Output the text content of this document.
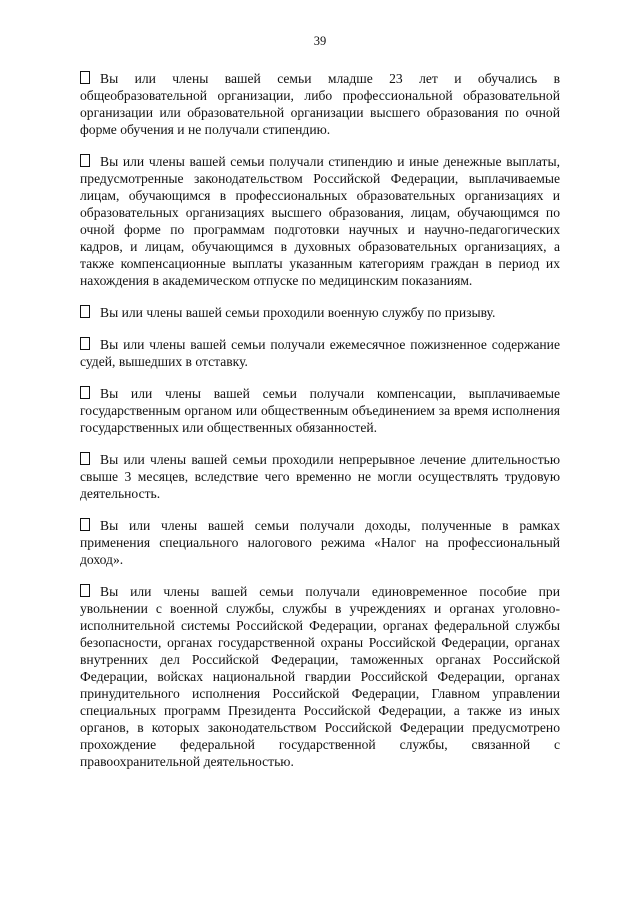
39

Вы или члены вашей семьи младше 23 лет и обучались в общеобразовательной организации, либо профессиональной образовательной организации или образовательной организации высшего образования по очной форме обучения и не получали стипендию.

Вы или члены вашей семьи получали стипендию и иные денежные выплаты, предусмотренные законодательством Российской Федерации, выплачиваемые лицам, обучающимся в профессиональных образовательных организациях и образовательных организациях высшего образования, лицам, обучающимся по очной форме по программам подготовки научных и научно-педагогических кадров, и лицам, обучающимся в духовных образовательных организациях, а также компенсационные выплаты указанным категориям граждан в период их нахождения в академическом отпуске по медицинским показаниям.

Вы или члены вашей семьи проходили военную службу по призыву.

Вы или члены вашей семьи получали ежемесячное пожизненное содержание судей, вышедших в отставку.

Вы или члены вашей семьи получали компенсации, выплачиваемые государственным органом или общественным объединением за время исполнения государственных или общественных обязанностей.

Вы или члены вашей семьи проходили непрерывное лечение длительностью свыше 3 месяцев, вследствие чего временно не могли осуществлять трудовую деятельность.

Вы или члены вашей семьи получали доходы, полученные в рамках применения специального налогового режима «Налог на профессиональный доход».

Вы или члены вашей семьи получали единовременное пособие при увольнении с военной службы, службы в учреждениях и органах уголовно-исполнительной системы Российской Федерации, органах федеральной службы безопасности, органах государственной охраны Российской Федерации, органах внутренних дел Российской Федерации, таможенных органах Российской Федерации, войсках национальной гвардии Российской Федерации, органах принудительного исполнения Российской Федерации, Главном управлении специальных программ Президента Российской Федерации, а также из иных органов, в которых законодательством Российской Федерации предусмотрено прохождение федеральной государственной службы, связанной с правоохранительной деятельностью.
